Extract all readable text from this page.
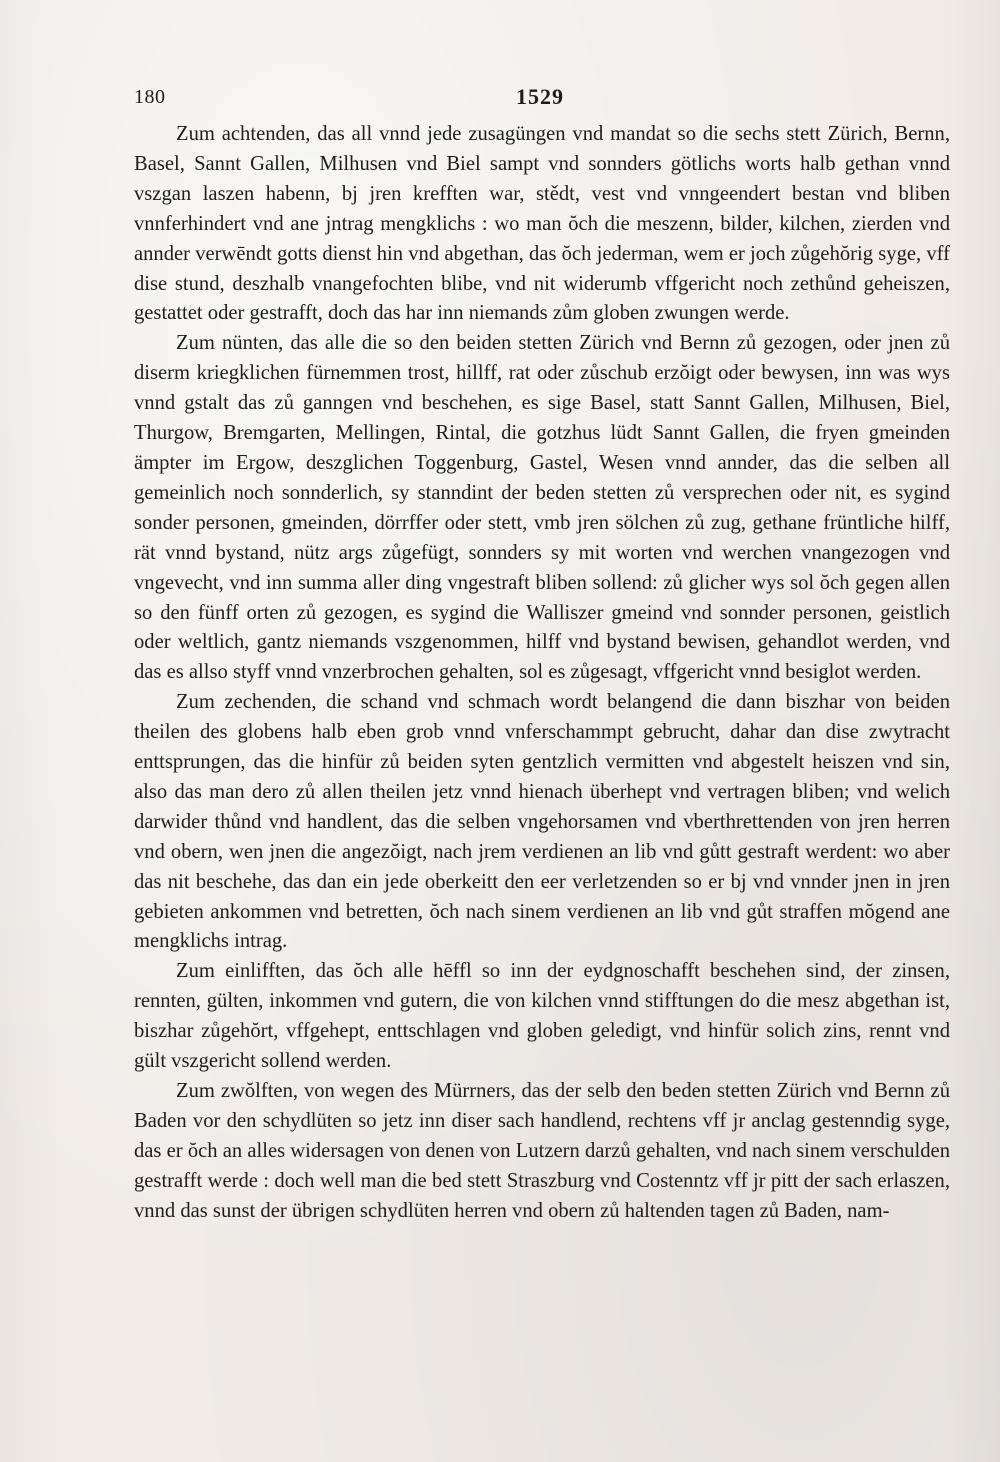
180	1529

Zum achtenden, das all vnnd jede zusagüngen vnd mandat so die sechs stett Zürich, Bernn, Basel, Sannt Gallen, Milhusen vnd Biel sampt vnd sonnders götlichs worts halb gethan vnnd vszgan laszen habenn, bj jren krefften war, stědt, vest vnd vnngeendert bestan vnd bliben vnnferhindert vnd ane jntrag mengklichs : wo man ŏch die meszenn, bilder, kilchen, zierden vnd annder verwēndt gotts dienst hin vnd abgethan, das ŏch jederman, wem er joch zůgehŏrig syge, vff dise stund, deszhalb vnangefochten blibe, vnd nit widerumb vffgericht noch zethůnd geheiszen, gestattet oder gestrafft, doch das har inn niemands zům globen zwungen werde.

Zum nünten, das alle die so den beiden stetten Zürich vnd Bernn zů gezogen, oder jnen zů diserm kriegklichen fürnemmen trost, hillff, rat oder zůschub erzŏigt oder bewysen, inn was wys vnnd gstalt das zů ganngen vnd beschehen, es sige Basel, statt Sannt Gallen, Milhusen, Biel, Thurgow, Bremgarten, Mellingen, Rintal, die gotzhus lüdt Sannt Gallen, die fryen gmeinden ämpter im Ergow, deszglichen Toggenburg, Gastel, Wesen vnnd annder, das die selben all gemeinlich noch sonnderlich, sy stanndint der beden stetten zů versprechen oder nit, es sygind sonder personen, gmeinden, dörrffer oder stett, vmb jren sölchen zů zug, gethane früntliche hilff, rät vnnd bystand, nütz args zůgefügt, sonnders sy mit worten vnd werchen vnangezogen vnd vngevecht, vnd inn summa aller ding vngestraft bliben sollend: zů glicher wys sol ŏch gegen allen so den fünff orten zů gezogen, es sygind die Walliszer gmeind vnd sonnder personen, geistlich oder weltlich, gantz niemands vszgenommen, hilff vnd bystand bewisen, gehandlot werden, vnd das es allso styff vnnd vnzerbrochen gehalten, sol es zůgesagt, vffgericht vnnd besiglot werden.

Zum zechenden, die schand vnd schmach wordt belangend die dann biszhar von beiden theilen des globens halb eben grob vnnd vnferschammpt gebrucht, dahar dan dise zwytracht enttsprungen, das die hinfür zů beiden syten gentzlich vermitten vnd abgestelt heiszen vnd sin, also das man dero zů allen theilen jetz vnnd hienach überhept vnd vertragen bliben; vnd welich darwider thůnd vnd handlent, das die selben vngehorsamen vnd vberthrettenden von jren herren vnd obern, wen jnen die angezŏigt, nach jrem verdienen an lib vnd gůtt gestraft werdent: wo aber das nit beschehe, das dan ein jede oberkeitt den eer verletzenden so er bj vnd vnnder jnen in jren gebieten ankommen vnd betretten, ŏch nach sinem verdienen an lib vnd gůt straffen mŏgend ane mengklichs intrag.

Zum einlifften, das ŏch alle hēffl so inn der eydgnoschafft beschehen sind, der zinsen, rennten, gülten, inkommen vnd gutern, die von kilchen vnnd stifftungen do die mesz abgethan ist, biszhar zůgehŏrt, vffgehept, enttschlagen vnd globen geledigt, vnd hinfür solich zins, rennt vnd gült vszgericht sollend werden.

Zum zwŏlften, von wegen des Mürrners, das der selb den beden stetten Zürich vnd Bernn zů Baden vor den schydlüten so jetz inn diser sach handlend, rechtens vff jr anclag gestenndig syge, das er ŏch an alles widersagen von denen von Lutzern darzů gehalten, vnd nach sinem verschulden gestrafft werde : doch well man die bed stett Straszburg vnd Costenntz vff jr pitt der sach erlaszen, vnnd das sunst der übrigen schydlüten herren vnd obern zů haltenden tagen zů Baden, nam-
